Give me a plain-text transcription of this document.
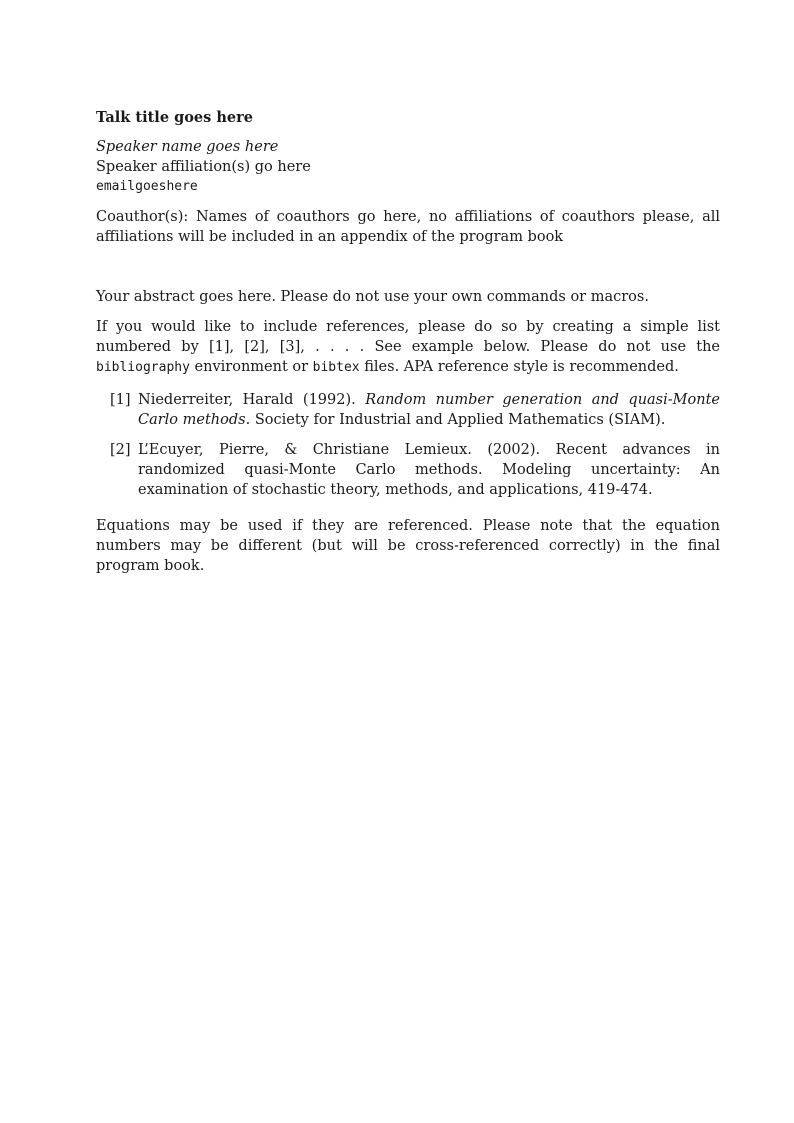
Talk title goes here

Speaker name goes here

Speaker affiliation(s) go here

emailgoeshere

Coauthor(s): Names of coauthors go here, no affiliations of coauthors please, all affiliations will be included in an appendix of the program book

Your abstract goes here. Please do not use your own commands or macros.

If you would like to include references, please do so by creating a simple list numbered by [1], [2], [3], . . . . See example below. Please do not use the bibliography environment or bibtex files. APA reference style is recommended.

[1] Niederreiter, Harald (1992). Random number generation and quasi-Monte Carlo methods. Society for Industrial and Applied Mathematics (SIAM).
[2] L’Ecuyer, Pierre, & Christiane Lemieux. (2002). Recent advances in randomized quasi-Monte Carlo methods. Modeling uncertainty: An examination of stochastic theory, methods, and applications, 419-474.

Equations may be used if they are referenced. Please note that the equation numbers may be different (but will be cross-referenced correctly) in the final program book.
